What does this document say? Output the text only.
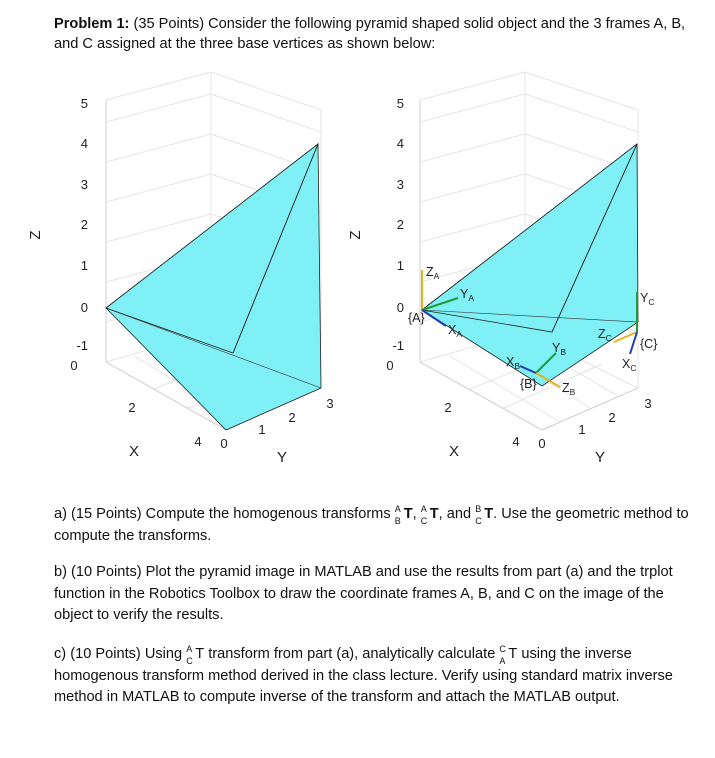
Problem 1: (35 Points) Consider the following pyramid shaped solid object and the 3 frames A, B, and C assigned at the three base vertices as shown below:
5
4
3
2
1
0
-1
Z
0
2
4
X	0
1
2
3
Y
$Z_A$
$Y_A$
$X_A$
{A}
$Y_B$
$Z_B$
$X_B$
{B}
$Y_C$
$Z_C$
$X_C$
{C}
5
4
3
2
1
0
-1
Z
0
2
4
X	0
1
2
3
Y
a) (15 Points) Compute the homogenous transforms A
B T, A
C T, and B
C T. Use the geometric method to compute the transforms.
b) (10 Points) Plot the pyramid image in MATLAB and use the results from part (a) and the trplot function in the Robotics Toolbox to draw the coordinate frames A, B, and C on the image of the object to verify the results.
c) (10 Points) Using A
C T transform from part (a), analytically calculate C
A T using the inverse homogenous transform method derived in the class lecture. Verify using standard matrix inverse method in MATLAB to compute inverse of the transform and attach the MATLAB output.
